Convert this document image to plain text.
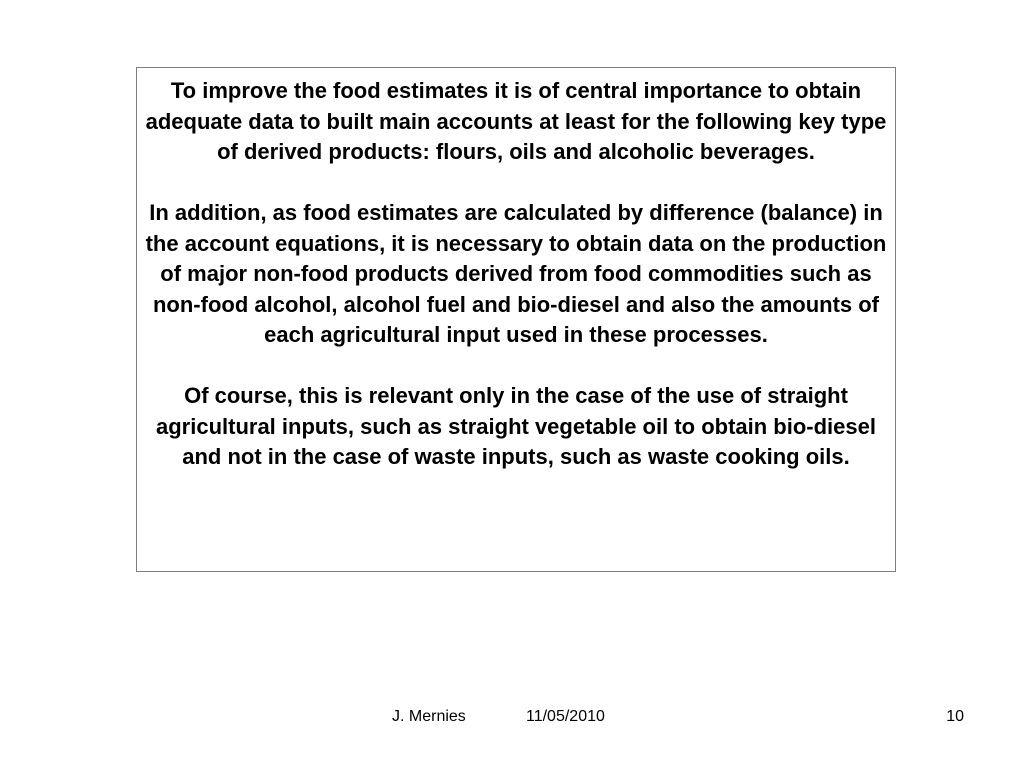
To improve the food estimates it is of central importance to obtain adequate data to built main accounts at least for the following key type of derived products: flours, oils and alcoholic beverages.

In addition, as food estimates are calculated by difference (balance) in the account equations, it is necessary to obtain data on the production of major non-food products derived from food commodities such as non-food alcohol, alcohol fuel and bio-diesel and also the amounts of each agricultural input used in these processes.

Of course, this is relevant only in the case of the use of straight agricultural inputs, such as straight vegetable oil to obtain bio-diesel and not in the case of waste inputs, such as waste cooking oils.

J. Mernies	11/05/2010	10
